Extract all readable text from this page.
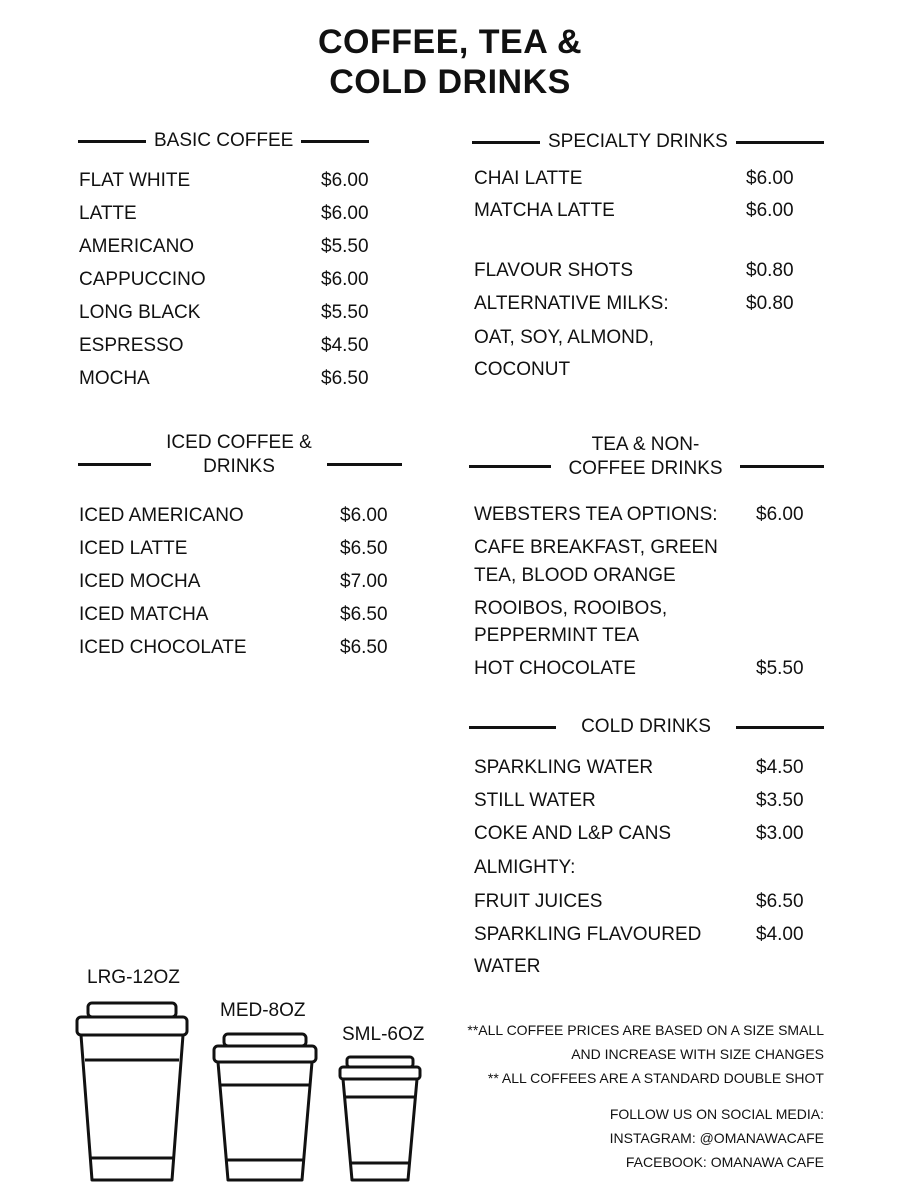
COFFEE, TEA &
COLD DRINKS
BASIC COFFEE
FLAT WHITE	$6.00
LATTE	$6.00
AMERICANO	$5.50
CAPPUCCINO	$6.00
LONG BLACK	$5.50
ESPRESSO	$4.50
MOCHA	$6.50
SPECIALTY DRINKS
CHAI LATTE	$6.00
MATCHA LATTE	$6.00
FLAVOUR SHOTS	$0.80
ALTERNATIVE MILKS:	$0.80
OAT, SOY, ALMOND,
COCONUT
ICED COFFEE &
DRINKS
ICED AMERICANO	$6.00
ICED LATTE	$6.50
ICED MOCHA	$7.00
ICED MATCHA	$6.50
ICED CHOCOLATE	$6.50
TEA & NON-
COFFEE DRINKS
WEBSTERS TEA OPTIONS: $6.00
CAFE BREAKFAST, GREEN
TEA, BLOOD ORANGE
ROOIBOS, ROOIBOS,
PEPPERMINT TEA
HOT CHOCOLATE	$5.50
COLD DRINKS
SPARKLING WATER	$4.50
STILL WATER	$3.50
COKE AND L&P CANS	$3.00
ALMIGHTY:
FRUIT JUICES	$6.50
SPARKLING FLAVOURED	$4.00
WATER
LRG-12OZ
MED-8OZ
SML-6OZ	**ALL COFFEE PRICES ARE BASED ON A SIZE SMALL
AND INCREASE WITH SIZE CHANGES
** ALL COFFEES ARE A STANDARD DOUBLE SHOT
FOLLOW US ON SOCIAL MEDIA:
INSTAGRAM: @OMANAWACAFE
FACEBOOK: OMANAWA CAFE
